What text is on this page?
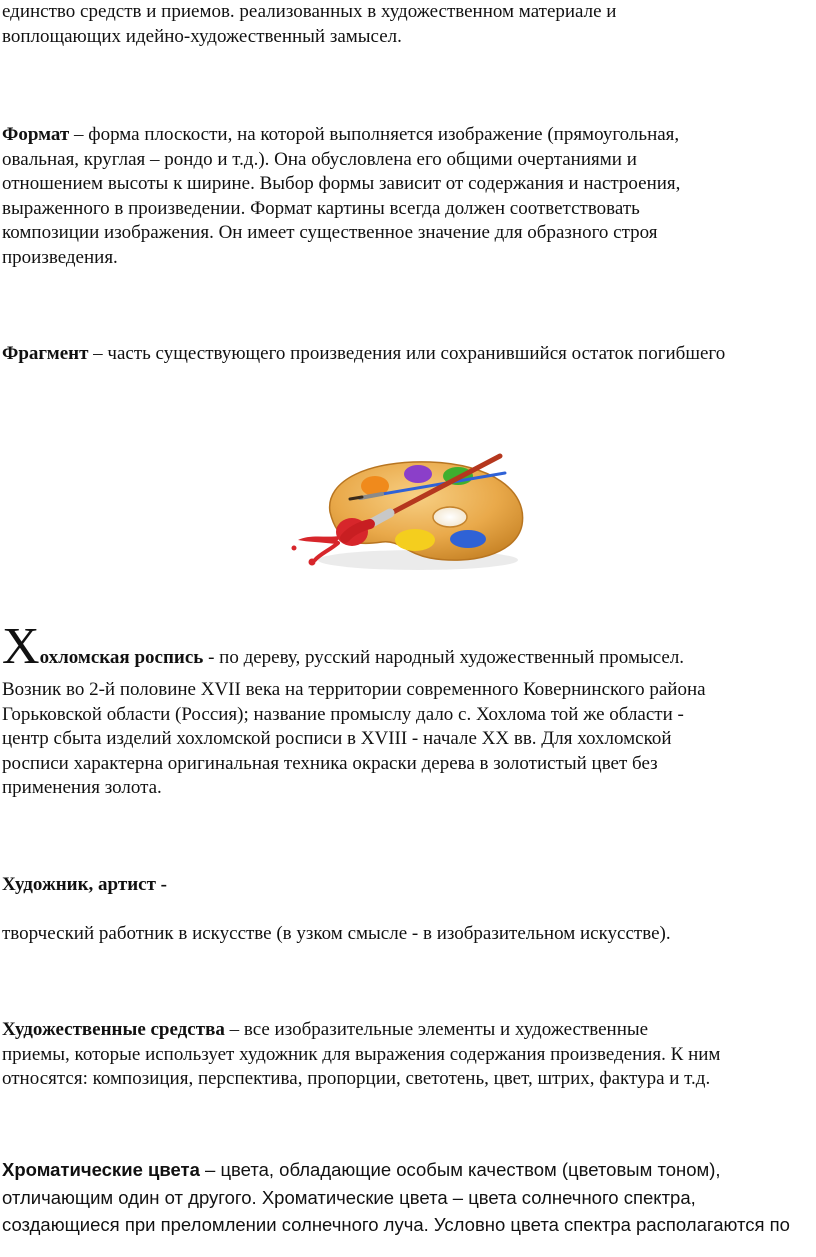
единство средств и приемов. реализованных в художественном материале и

воплощающих идейно-художественный замысел.

Формат – форма плоскости, на которой выполняется изображение (прямоугольная,

овальная, круглая – рондо и т.д.). Она обусловлена его общими очертаниями и

отношением высоты к ширине. Выбор формы зависит от содержания и настроения,

выраженного в произведении. Формат картины всегда должен соответствовать

композиции изображения. Он имеет существенное значение для образного строя

произведения.

Фрагмент – часть существующего произведения или сохранившийся остаток погибшего

Хохломская роспись - по дереву, русский народный художественный промысел.

Возник во 2-й половине XVII века на территории современного Ковернинского района

Горьковской области (Россия); название промыслу дало с. Хохлома той же области -

центр сбыта изделий хохломской росписи в XVIII - начале XX вв. Для хохломской

росписи характерна оригинальная техника окраски дерева в золотистый цвет без

применения золота.

Художник, артист -

творческий работник в искусстве (в узком смысле - в изобразительном искусстве).

Художественные средства – все изобразительные элементы и художественные

приемы, которые использует художник для выражения содержания произведения. К ним

относятся: композиция, перспектива, пропорции, светотень, цвет, штрих, фактура и т.д.

Хроматические цвета – цвета, обладающие особым качеством (цветовым тоном),

отличающим один от другого. Хроматические цвета – цвета солнечного спектра,

создающиеся при преломлении солнечного луча. Условно цвета спектра располагаются по
